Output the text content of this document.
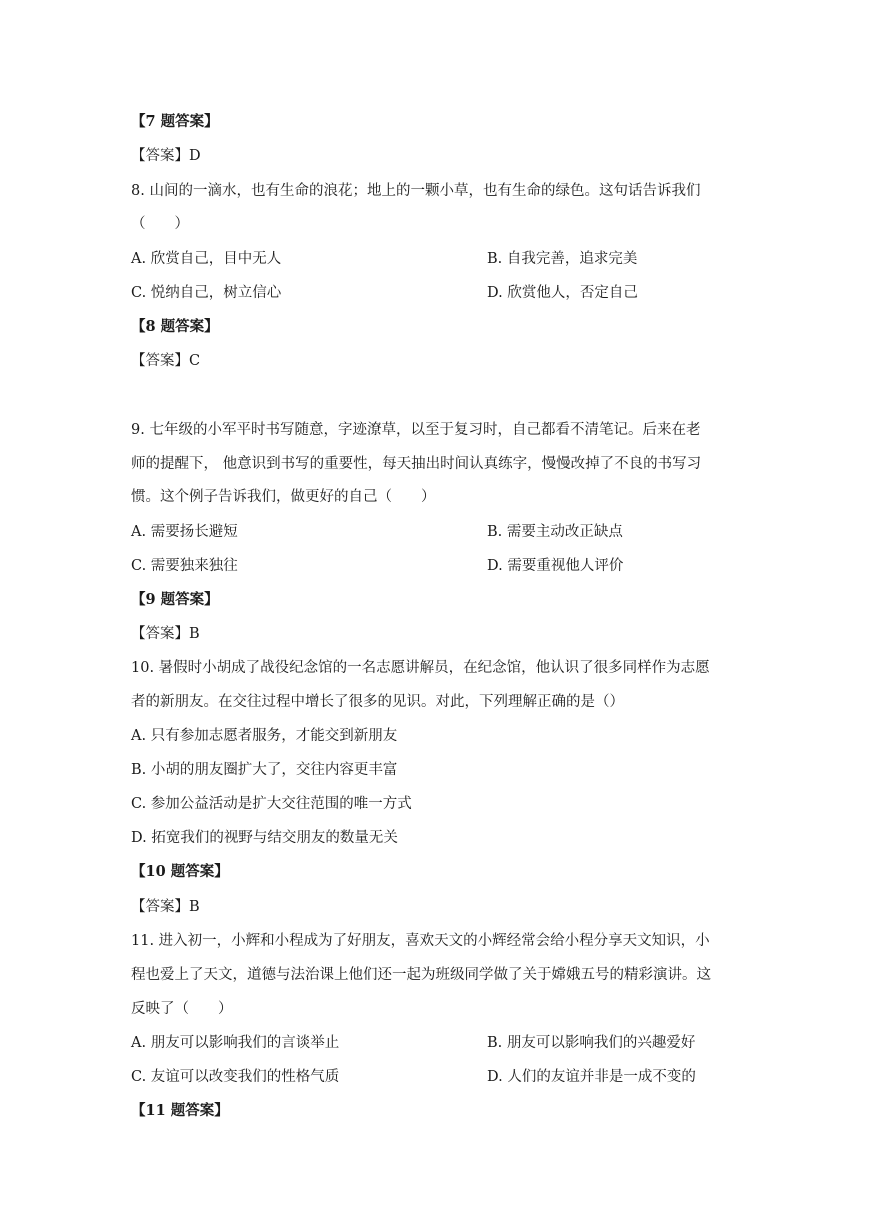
【7 题答案】
【答案】D
8. 山间的一滴水，也有生命的浪花；地上的一颗小草，也有生命的绿色。这句话告诉我们
（　　）
A. 欣赏自己，目中无人	B. 自我完善，追求完美
C. 悦纳自己，树立信心	D. 欣赏他人，否定自己
【8 题答案】
【答案】C
9. 七年级的小军平时书写随意，字迹潦草，以至于复习时，自己都看不清笔记。后来在老
师的提醒下， 他意识到书写的重要性，每天抽出时间认真练字，慢慢改掉了不良的书写习
惯。这个例子告诉我们，做更好的自己（　　）
A. 需要扬长避短	B. 需要主动改正缺点
C. 需要独来独往	D. 需要重视他人评价
【9 题答案】
【答案】B
10. 暑假时小胡成了战役纪念馆的一名志愿讲解员，在纪念馆，他认识了很多同样作为志愿
者的新朋友。在交往过程中增长了很多的见识。对此，下列理解正确的是（）
A. 只有参加志愿者服务，才能交到新朋友
B. 小胡的朋友圈扩大了，交往内容更丰富
C. 参加公益活动是扩大交往范围的唯一方式
D. 拓宽我们的视野与结交朋友的数量无关
【10 题答案】
【答案】B
11. 进入初一，小辉和小程成为了好朋友，喜欢天文的小辉经常会给小程分享天文知识，小
程也爱上了天文，道德与法治课上他们还一起为班级同学做了关于嫦娥五号的精彩演讲。这
反映了（　　）
A. 朋友可以影响我们的言谈举止	B. 朋友可以影响我们的兴趣爱好
C. 友谊可以改变我们的性格气质	D. 人们的友谊并非是一成不变的
【11 题答案】
